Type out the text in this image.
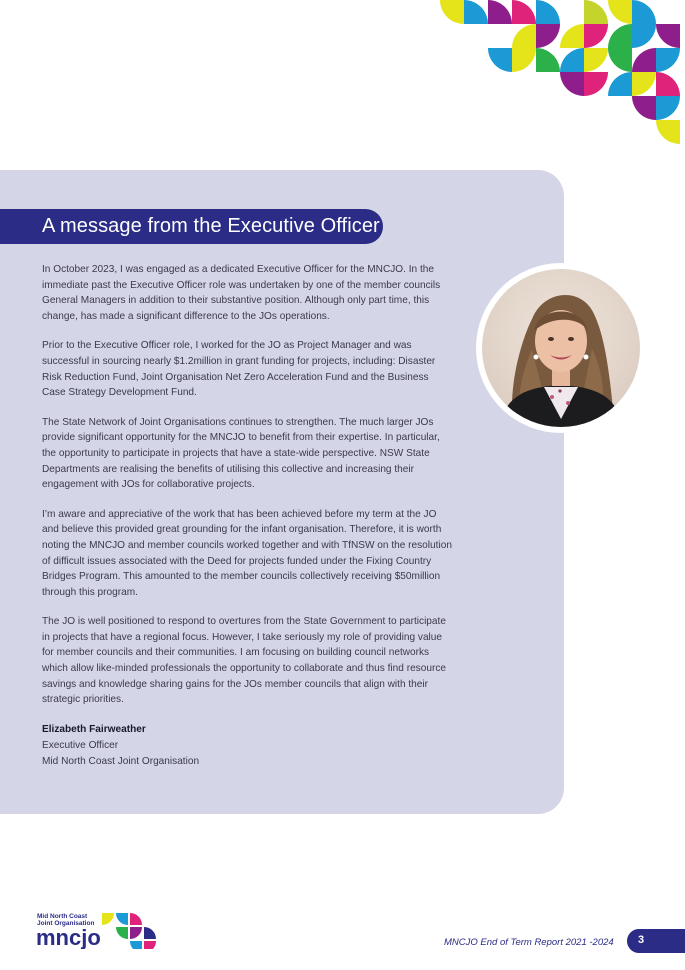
A message from the Executive Officer

In October 2023, I was engaged as a dedicated Executive Officer for the MNCJO. In the immediate past the Executive Officer role was undertaken by one of the member councils General Managers in addition to their substantive position. Although only part time, this change, has made a significant difference to the JOs operations.

Prior to the Executive Officer role, I worked for the JO as Project Manager and was successful in sourcing nearly $1.2million in grant funding for projects, including: Disaster Risk Reduction Fund, Joint Organisation Net Zero Acceleration Fund and the Business Case Strategy Development Fund.

The State Network of Joint Organisations continues to strengthen. The much larger JOs provide significant opportunity for the MNCJO to benefit from their expertise. In particular, the opportunity to participate in projects that have a state-wide perspective. NSW State Departments are realising the benefits of utilising this collective and increasing their engagement with JOs for collaborative projects.

I’m aware and appreciative of the work that has been achieved before my term at the JO and believe this provided great grounding for the infant organisation. Therefore, it is worth noting the MNCJO and member councils worked together and with TfNSW on the resolution of difficult issues associated with the Deed for projects funded under the Fixing Country Bridges Program. This amounted to the member councils collectively receiving $50million through this program.

The JO is well positioned to respond to overtures from the State Government to participate in projects that have a regional focus. However, I take seriously my role of providing value for member councils and their communities. I am focusing on building council networks which allow like-minded professionals the opportunity to collaborate and thus find resource savings and knowledge sharing gains for the JOs member councils that align with their strategic priorities.

Elizabeth Fairweather
Executive Officer
Mid North Coast Joint Organisation
Mid North Coast
Joint Organisation
mncjo	MNCJO End of Term Report 2021 -2024 3
